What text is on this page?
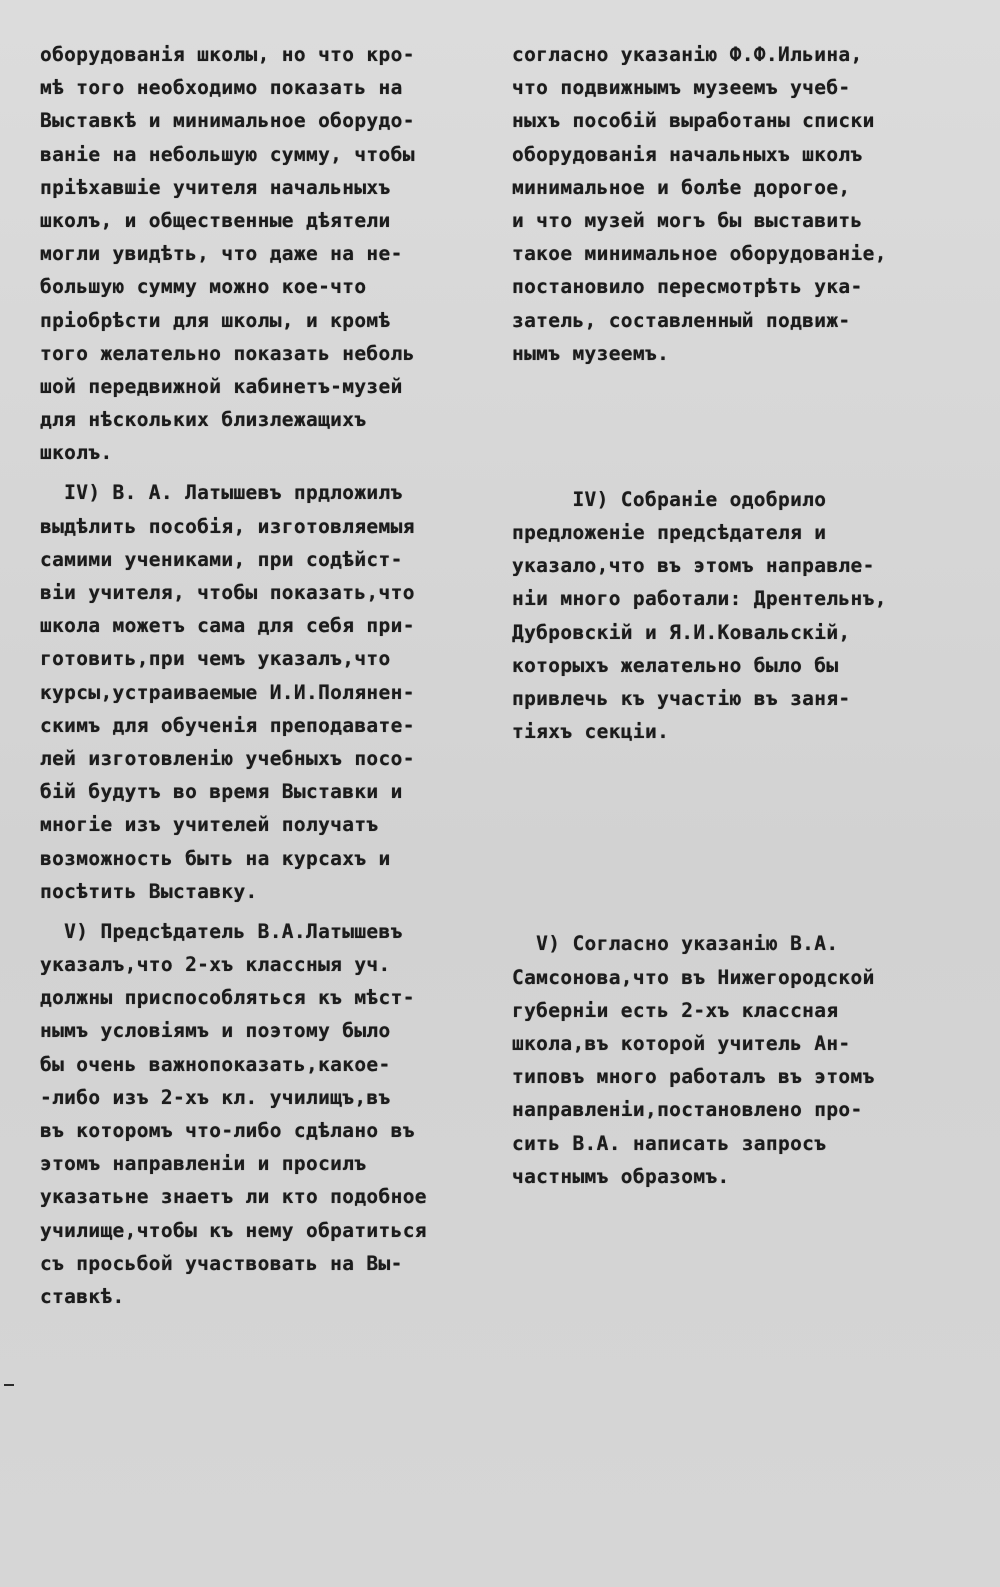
оборудованія школы, но что кро-
мѣ того необходимо показать на
Выставкѣ и минимальное оборудо-
ваніе на небольшую сумму, чтобы
пріѣхавшіе учителя начальныхъ
школъ, и общественные дѣятели
могли увидѣть, что даже на не-
большую сумму можно кое-что
пріобрѣсти для школы, и кромѣ
того желательно показать неболь
шой передвижной кабинетъ-музей
для нѣскольких близлежащихъ
школъ.
IV) В. А. Латышевъ прдложилъ
выдѣлить пособія, изготовляемыя
самими учениками, при содѣйст-
віи учителя, чтобы показать,что
школа можетъ сама для себя при-
готовить,при чемъ указалъ,что
курсы,устраиваемые И.И.Полянен-
скимъ для обученія преподавате-
лей изготовленію учебныхъ посо-
бій будутъ во время Выставки и
многіе изъ учителей получатъ
возможность быть на курсахъ и
посѣтить Выставку.
V) Предсѣдатель В.А.Латышевъ
указалъ,что 2-хъ классныя уч.
должны приспособляться къ мѣст-
нымъ условіямъ и поэтому было
бы очень важнопоказать,какое-
-либо изъ 2-хъ кл. училищъ,въ
въ которомъ что-либо сдѣлано въ
этомъ направленіи и просилъ
указатьне знаетъ ли кто подобное
училище,чтобы къ нему обратиться
съ просьбой участвовать на Вы-
ставкѣ.
согласно указанію Ф.Ф.Ильина,
что подвижнымъ музеемъ учеб-
ныхъ пособій выработаны списки
оборудованія начальныхъ школъ
минимальное и болѣе дорогое,
и что музей могъ бы выставить
такое минимальное оборудованіе,
постановило пересмотрѣть ука-
затель, составленный подвиж-
нымъ музеемъ.
IV) Собраніе одобрило
предложеніе предсѣдателя и
указало,что въ этомъ направле-
ніи много работали: Дрентельнъ,
Дубровскій и Я.И.Ковальскій,
которыхъ желательно было бы
привлечь къ участію въ заня-
тіяхъ секціи.
V) Согласно указанію В.А.
Самсонова,что въ Нижегородской
губерніи есть 2-хъ классная
школа,въ которой учитель Ан-
типовъ много работалъ въ этомъ
направленіи,постановлено про-
сить В.А. написать запросъ
частнымъ образомъ.
